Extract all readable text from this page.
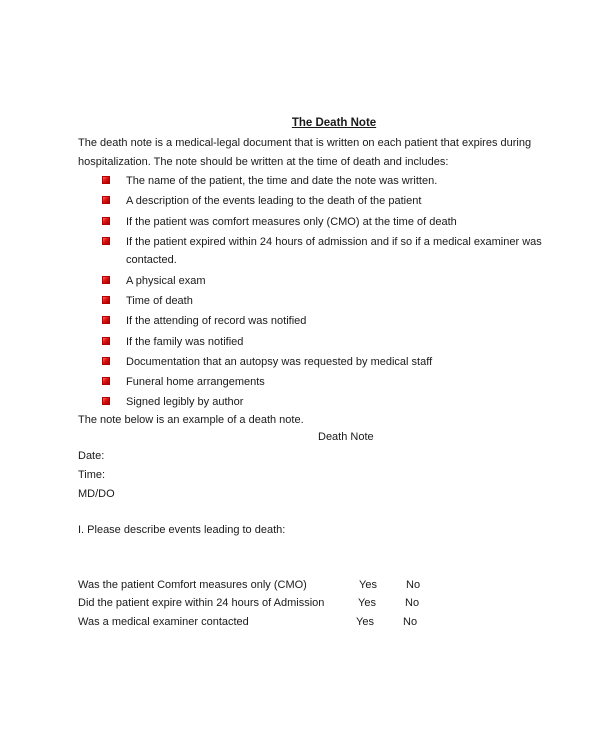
The Death Note
The death note is a medical-legal document that is written on each patient that expires during
hospitalization. The note should be written at the time of death and includes:
The name of the patient, the time and date the note was written.
A description of the events leading to the death of the patient
If the patient was comfort measures only (CMO) at the time of death
If the patient expired within 24 hours of admission and if so if a medical examiner was contacted.
A physical exam
Time of death
If the attending of record was notified
If the family was notified
Documentation that an autopsy was requested by medical staff
Funeral home arrangements
Signed legibly by author
The note below is an example of a death note.
Death Note
Date:
Time:
MD/DO
I. Please describe events leading to death:
Was the patient Comfort measures only (CMO)	Yes	No
Did the patient expire within 24 hours of Admission	Yes	No
Was a medical examiner contacted	Yes	No
